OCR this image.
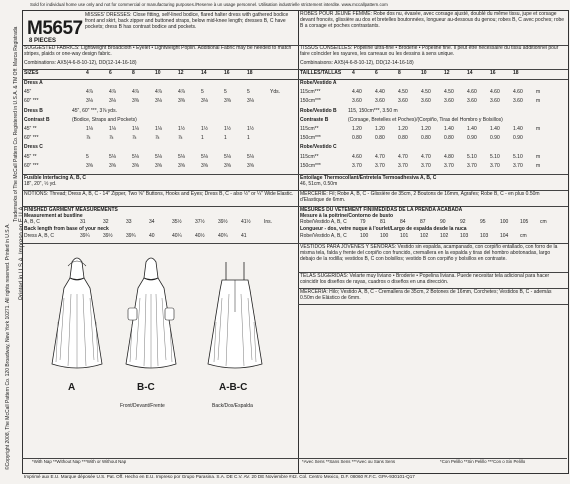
Sold for individual home use only and not for commercial or manufacturing purposes./Reserve à un usage personnel. Utilisation industrielle strictement interdite. www.mccallpattern.com
©Copyright 2008, The McCall Pattern Co. 120 Broadway, New York 10271. All rights reserved. Printed in U.S.A.
Trademarks of The McCall Pattern Co. Registered in U.S.A. & TM Off. Marca Registrada
Printed in U.S.A. Impreso en E.U.A.
M5657
8 PIECES
MISSES' DRESSES: Close fitting, self-lined bodice, flared halter dress with gathered bodice front and skirt, back zipper and buttoned straps, below mid-knee length; dresses B, C have pockets; dress B has contrast bodice and pockets.
SUGGESTED FABRICS: Lightweight Broadcloth • Eyelet • Lightweight Poplin. Additional Fabric may be needed to match stripes, plaids or one-way design fabric.
Combinations: AX5(4-6-8-10-12), DD(12-14-16-18)
SIZES	4	6	8	10	12	14	16	18
Dress A
45"	4⅞	4⅞	4⅞	4⅞	4⅞	5	5	5	Yds.
60" ***	3⅛	3⅛	3⅜	3⅛	3⅜	3⅛	3⅜	3⅛
Dress B	45", 60" ***, 3⅞ yds.
Contrast B	(Bodice, Straps and Pockets)
45" **	1⅛	1⅛	1⅛	1⅛	1½	1½	1½	1½
60" ***	⅞	⅞	⅞	⅞	⅞	1	1	1
Dress C
45" **	5	5⅛	5⅛	5⅛	5⅛	5⅛	5⅛	5⅛
60" ***	3⅝	3⅝	3⅝	3⅝	3⅝	3⅝	3⅝	3⅝
Fusible Interfacing A, B, C
18", 20", ½ yd.
NOTIONS: Thread; Dress A, B, C - 14" Zipper, Two ⅝" Buttons, Hooks and Eyes; Dress B, C - also ½" or ¼" Wide Elastic.
FINISHED GARMENT MEASUREMENTS
Measurement at bustline
A, B, C	31	32	33	34	35½	37½	39½	41½	Ins.
Back length from base of your neck
Dress A, B, C	39¼	39½	39¾	40	40¼	40½	40¾	41
A	B-C	A-B-C
Front/Devant/Frente	Back/Dos/Espalda
*With Nap **Without Nap ***With or Without Nap	*Avec Sens **Sans Sens ***Avec ou Sans Sens	*Con Pelillo **Sin Pelillo ***Con o Sin Pelillo
ROBES POUR JEUNE FEMME: Robe dos nu, évasée, avec corsage ajusté, doublé du même tissu, jupe et corsage devant froncés, glissière au dos et bretelles boutonnées, longueur au-dessous du genou; robes B, C avec poches; robe B a corsage et poches contrastants.
TISSUS CONSEILLES: Popeline ultra-fine • Broderie • Popeline fine. Il peut être nécessaire du tissu additionnel pour faire coïncider les rayures, les carreaux ou les dessins à sens unique.
Combinaisons: AX5(4-6-8-10-12), DD(12-14-16-18)
TAILLES/TALLAS 4	6	8	10	12	14	16	18
Robe/Vestido A
115cm***	4.40	4.40	4.50	4.50	4.50	4.60	4.60	4.60	m
150cm***	3.60	3.60	3.60	3.60	3.60	3.60	3.60	3.60	m
Robe/Vestido B 115, 150cm***, 3.50 m
Contraste B	(Corsage, Bretelles et Poches)/(Corpiño, Tiras del Hombro y Bolsillos)
115cm**	1.20	1.20	1.20	1.20	1.40	1.40	1.40	1.40	m
150cm***	0.80	0.80	0.80	0.80	0.80	0.90	0.90	0.90
Robe/Vestido C
115cm**	4.60	4.70	4.70	4.70	4.80	5.10	5.10	5.10	m
150cm***	3.70	3.70	3.70	3.70	3.70	3.70	3.70	3.70	m
Entoilage Thermocollant/Entretela Termoadhesiva A, B, C
46, 51cm, 0.50m
MERCERIE: Fil; Robe A, B, C - Glissière de 35cm, 2 Boutons de 16mm, Agrafes; Robe B, C - en plus 0.50m d'Elastique de 6mm.
MESURES DU VETEMENT FINI/MEDIDAS DE LA PRENDA ACABADA
Mesure à la poitrine/Contorno de busto
Robe/Vestido A, B, C	79	81	84	87	90	92	95	100 105 cm
Longueur - dos, vetre nuque à l'ourlet/Largo de espalda desde la nuca
Robe/Vestido A, B, C	100 100 101 102 102 103 103 104 cm
VESTIDOS PARA JOVENES Y SEÑORAS: Vestido sin espalda, acampanado, con corpiño entallado, con forro de la misma tela, falda y frente del corpiño con fruncido, cremallera en la espalda y tiras del hombro abotonadas, largo debajo de la rodilla; vestidos B, C con bolsillos; vestido B con corpiño y bolsillos en contraste.
TELAS SUGERIDAS: Velarte muy liviano • Broderie • Popelina liviana. Puede necesitar tela adicional para hacer coincidir los diseños de rayas, cuadros o diseños en una dirección.
MERCERIA: Hilo; Vestido A, B, C - Cremallera de 35cm, 2 Botones de 16mm, Corchetes; Vestidos B, C - además 0.50m de Elástico de 6mm.
Imprimé aux E.U. Marque déposée U.S. Pat. Off. Hecho en E.U. Impreso por Grupo Parasina. S.A. DE C.V. AV. 20 DE Noviembre #42. Col. Centro Mexico, D.F. 08060 R.F.C. GPA-930101-Q17
